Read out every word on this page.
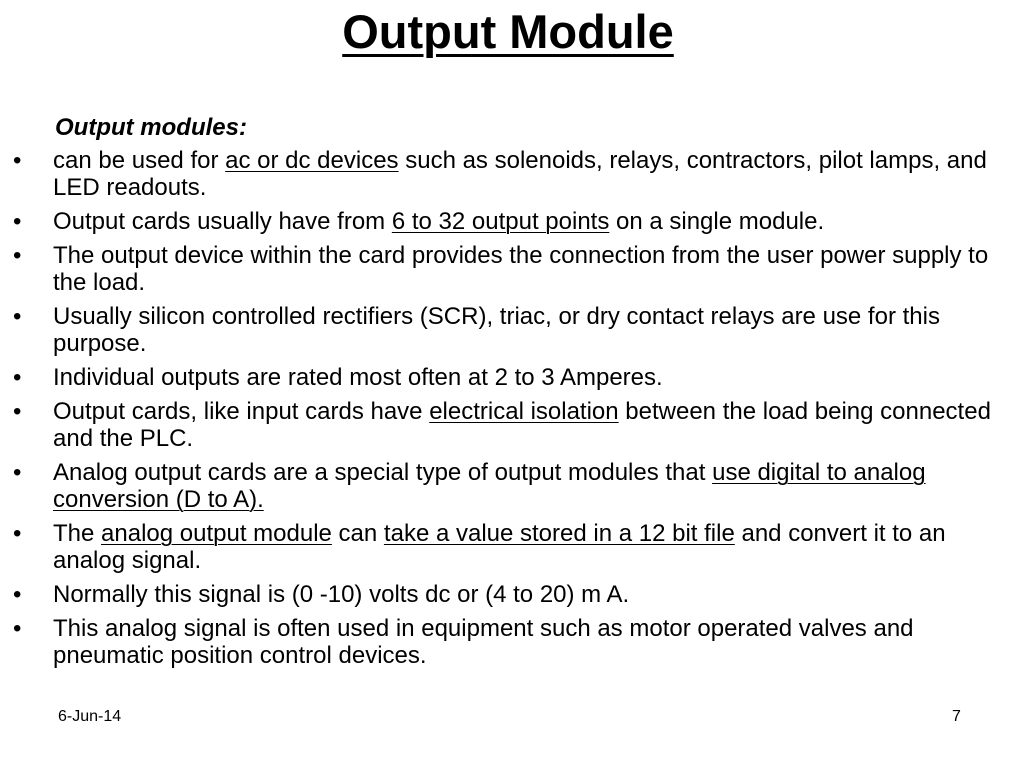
Output Module

Output modules:

• can be used for ac or dc devices such as solenoids, relays, contractors, pilot lamps, and LED readouts.
• Output cards usually have from 6 to 32 output points on a single module.
• The output device within the card provides the connection from the user power supply to the load.
• Usually silicon controlled rectifiers (SCR), triac, or dry contact relays are use for this purpose.
• Individual outputs are rated most often at 2 to 3 Amperes.
• Output cards, like input cards have electrical isolation between the load being connected and the PLC.
• Analog output cards are a special type of output modules that use digital to analog conversion (D to A).
• The analog output module can take a value stored in a 12 bit file and convert it to an analog signal.
• Normally this signal is (0 -10) volts dc or (4 to 20) m A.
• This analog signal is often used in equipment such as motor operated valves and pneumatic position control devices.
6-Jun-14	7
